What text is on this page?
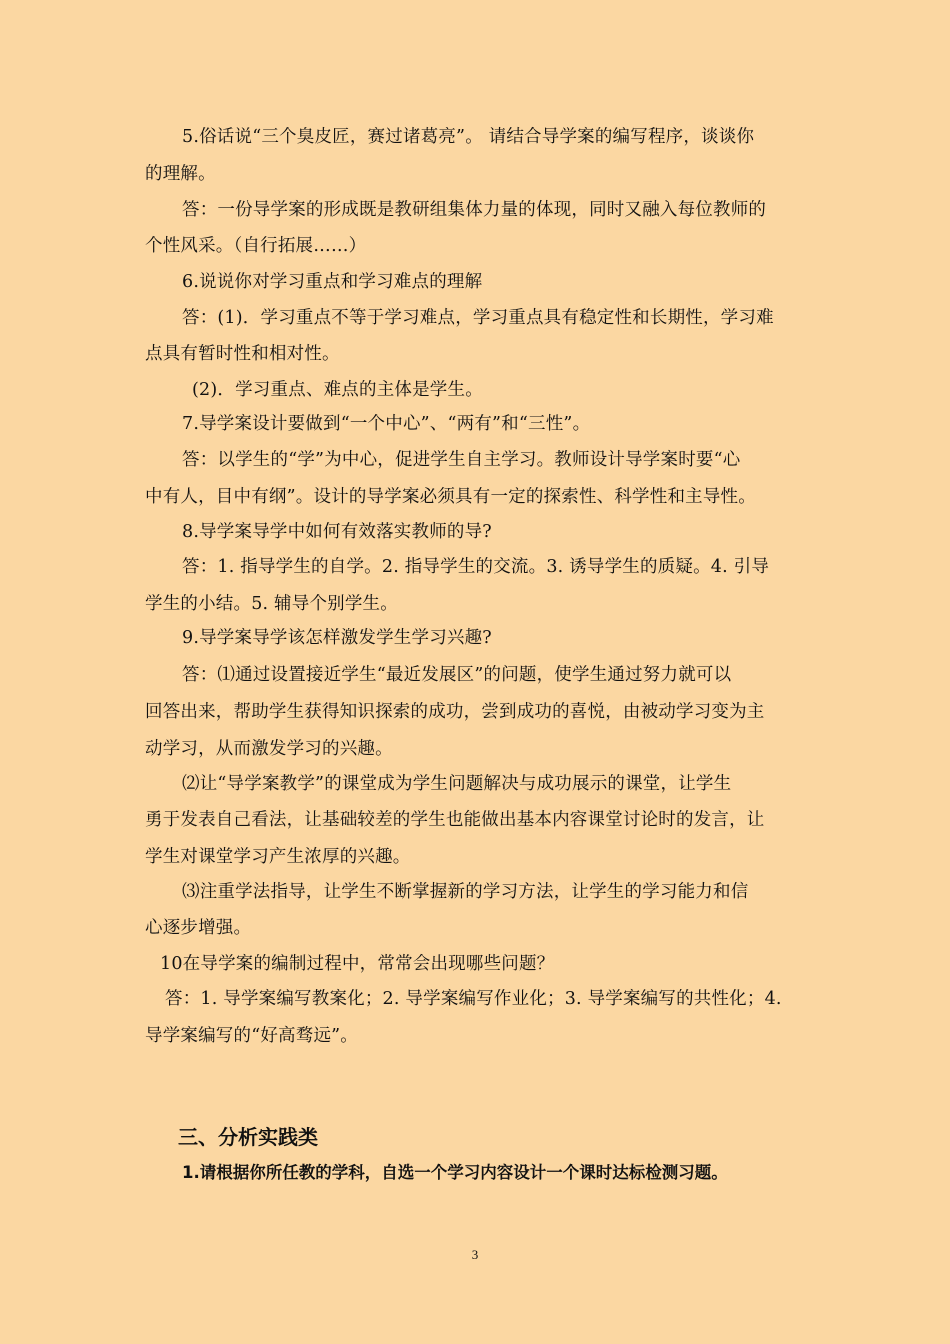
5.俗话说“三个臭皮匠，赛过诸葛亮”。 请结合导学案的编写程序，谈谈你
的理解。
答：一份导学案的形成既是教研组集体力量的体现，同时又融入每位教师的
个性风采。（自行拓展……）
6.说说你对学习重点和学习难点的理解
答：(1)．学习重点不等于学习难点，学习重点具有稳定性和长期性，学习难
点具有暂时性和相对性。
(2)．学习重点、难点的主体是学生。
7.导学案设计要做到“一个中心”、“两有”和“三性”。
答：以学生的“学”为中心，促进学生自主学习。教师设计导学案时要“心
中有人，目中有纲”。设计的导学案必须具有一定的探索性、科学性和主导性。
8.导学案导学中如何有效落实教师的导?
答：1. 指导学生的自学。2. 指导学生的交流。3. 诱导学生的质疑。4. 引导
学生的小结。5. 辅导个别学生。
9.导学案导学该怎样激发学生学习兴趣?
答：⑴通过设置接近学生“最近发展区”的问题，使学生通过努力就可以
回答出来，帮助学生获得知识探索的成功，尝到成功的喜悦，由被动学习变为主
动学习，从而激发学习的兴趣。
⑵让“导学案教学”的课堂成为学生问题解决与成功展示的课堂，让学生
勇于发表自己看法，让基础较差的学生也能做出基本内容课堂讨论时的发言，让
学生对课堂学习产生浓厚的兴趣。
⑶注重学法指导，让学生不断掌握新的学习方法，让学生的学习能力和信
心逐步增强。
10在导学案的编制过程中，常常会出现哪些问题？
答：1. 导学案编写教案化；2. 导学案编写作业化；3. 导学案编写的共性化；4.
导学案编写的“好高骛远”。
三、分析实践类
1.请根据你所任教的学科，自选一个学习内容设计一个课时达标检测习题。
3
